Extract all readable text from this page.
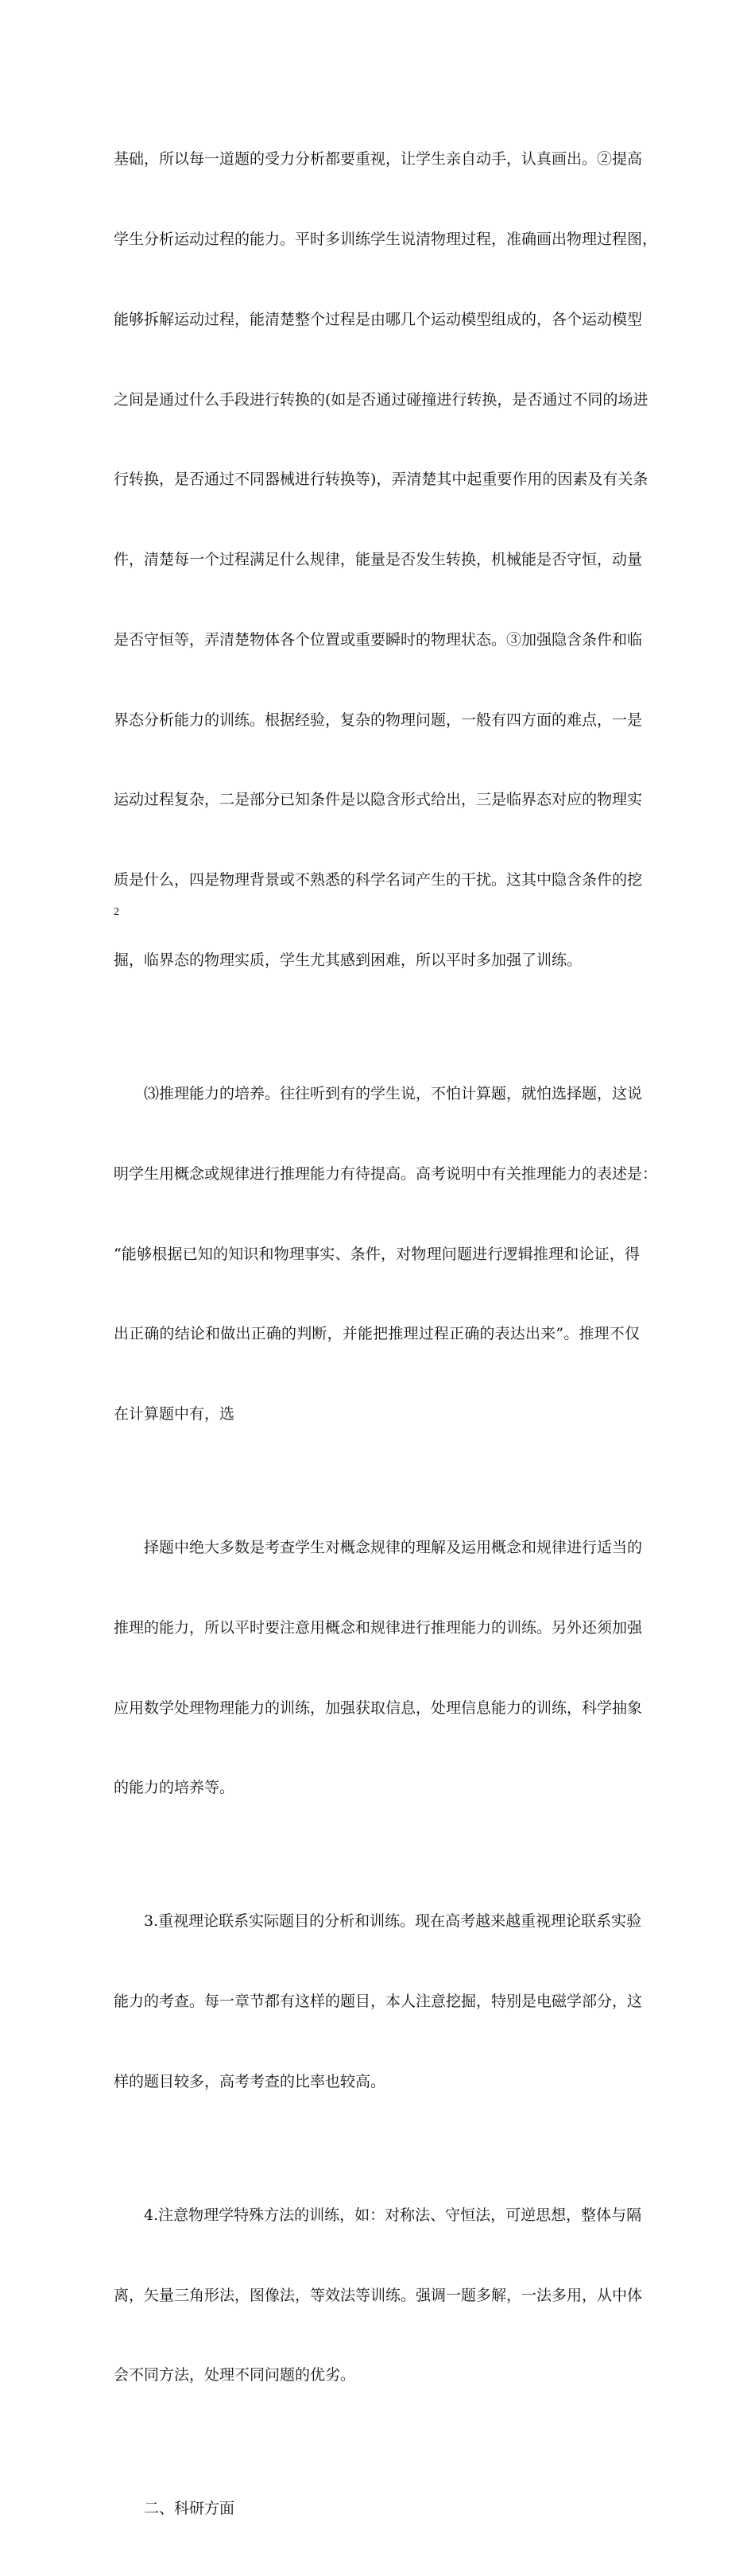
基础，所以每一道题的受力分析都要重视，让学生亲自动手，认真画出。②提高

学生分析运动过程的能力。平时多训练学生说清物理过程，准确画出物理过程图，

能够拆解运动过程，能清楚整个过程是由哪几个运动模型组成的，各个运动模型

之间是通过什么手段进行转换的(如是否通过碰撞进行转换，是否通过不同的场进

行转换，是否通过不同器械进行转换等)，弄清楚其中起重要作用的因素及有关条

件，清楚每一个过程满足什么规律，能量是否发生转换，机械能是否守恒，动量

是否守恒等，弄清楚物体各个位置或重要瞬时的物理状态。③加强隐含条件和临

界态分析能力的训练。根据经验，复杂的物理问题，一般有四方面的难点，一是

运动过程复杂，二是部分已知条件是以隐含形式给出，三是临界态对应的物理实

质是什么，四是物理背景或不熟悉的科学名词产生的干扰。这其中隐含条件的挖

掘，临界态的物理实质，学生尤其感到困难，所以平时多加强了训练。

　　⑶推理能力的培养。往往听到有的学生说，不怕计算题，就怕选择题，这说

明学生用概念或规律进行推理能力有待提高。高考说明中有关推理能力的表述是：

“能够根据已知的知识和物理事实、条件，对物理问题进行逻辑推理和论证，得

出正确的结论和做出正确的判断，并能把推理过程正确的表达出来”。推理不仅

在计算题中有，选

　　择题中绝大多数是考查学生对概念规律的理解及运用概念和规律进行适当的

推理的能力，所以平时要注意用概念和规律进行推理能力的训练。另外还须加强

应用数学处理物理能力的训练，加强获取信息，处理信息能力的训练，科学抽象

的能力的培养等。

　　3.重视理论联系实际题目的分析和训练。现在高考越来越重视理论联系实验

能力的考查。每一章节都有这样的题目，本人注意挖掘，特别是电磁学部分，这

样的题目较多，高考考查的比率也较高。

　　4.注意物理学特殊方法的训练，如：对称法、守恒法，可逆思想，整体与隔

离，矢量三角形法，图像法，等效法等训练。强调一题多解，一法多用，从中体

会不同方法，处理不同问题的优劣。

　　二、科研方面

2
